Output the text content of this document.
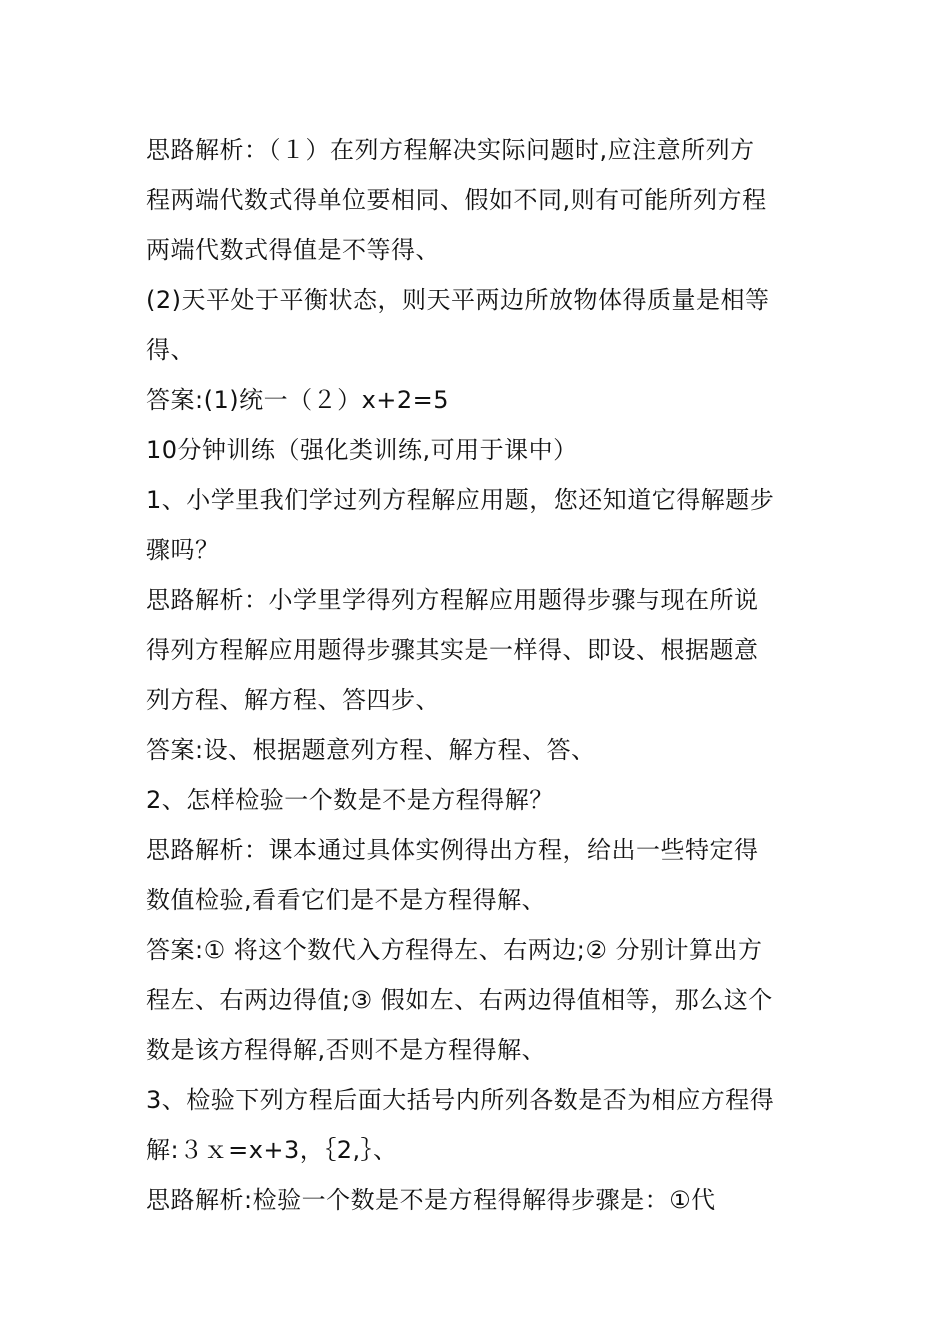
思路解析：（１）在列方程解决实际问题时,应注意所列方
程两端代数式得单位要相同、假如不同,则有可能所列方程
两端代数式得值是不等得、
(2)天平处于平衡状态，则天平两边所放物体得质量是相等
得、
答案:(1)统一（２）x+2=5
10分钟训练（强化类训练,可用于课中）
1、小学里我们学过列方程解应用题，您还知道它得解题步
骤吗？
思路解析：小学里学得列方程解应用题得步骤与现在所说
得列方程解应用题得步骤其实是一样得、即设、根据题意
列方程、解方程、答四步、
答案:设、根据题意列方程、解方程、答、
2、怎样检验一个数是不是方程得解？
思路解析：课本通过具体实例得出方程，给出一些特定得
数值检验,看看它们是不是方程得解、
答案:① 将这个数代入方程得左、右两边;② 分别计算出方
程左、右两边得值;③ 假如左、右两边得值相等，那么这个
数是该方程得解,否则不是方程得解、
3、检验下列方程后面大括号内所列各数是否为相应方程得
解:３ｘ=x+3，｛2,｝、
思路解析:检验一个数是不是方程得解得步骤是：①代
